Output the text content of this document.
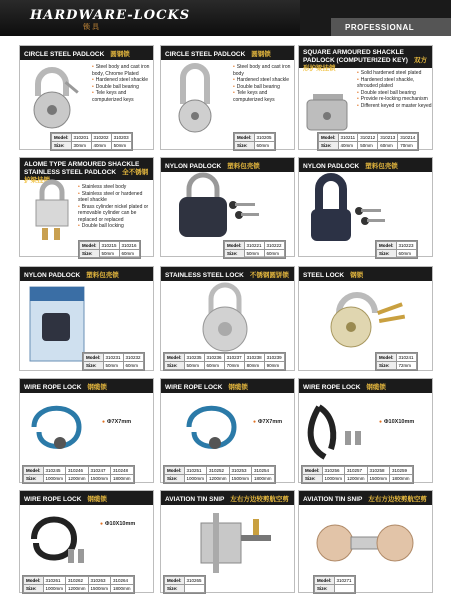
HARDWARE-LOCKS
锁 具	PROFESSIONAL
CIRCLE STEEL PADLOCK 圆钢锁
• Steel body and cast iron body, Chrome Plated
• Hardened steel shackle
• Double ball bearing
• Tele keys and computerized keys
Model:	310201	310202	310203
Size:	30mm	40mm	50mm
CIRCLE STEEL PADLOCK 圆钢锁
• Steel body and cast iron body
• Hardened steel shackle
• Double ball bearing
• Tele keys and computerized keys
Model:	310205
Size:	60mm
SQUARE ARMOURED SHACKLE PADLOCK (COMPUTERIZED KEY) 双方形护梁挂锁
• Solid hardened steel plated
• Hardened steel shackle, shrouded plated
• Double steel ball bearing
• Provide re-locking mechanism
• Different keyed or master keyed
Model:	310211	310212	310213	310214
Size:	40mm	50mm	60mm	70mm
ALOME TYPE ARMOURED SHACKLE STAINLESS STEEL PADLOCK 全不锈钢护梁挂锁
• Stainless steel body
• Stainless steel or hardened steel shackle
• Brass cylinder nickel plated or removable cylinder can be replaced or replaced
• Double ball locking
Model:	310215	310216
Size:	50mm	60mm
NYLON PADLOCK 塑料包壳锁
Model:	310221	310222
Size:	50mm	60mm
NYLON PADLOCK 塑料包壳锁
Model:	310223
Size:	60mm
NYLON PADLOCK 塑料包壳锁
Model:	310231	310232
Size:	50mm	60mm
STAINLESS STEEL LOCK 不锈钢圆饼锁
Model:	310235	310236	310237	310238	310239
Size:	50mm	60mm	70mm	80mm	90mm
STEEL LOCK 钢锁
Model:	310241
Size:	72mm
WIRE ROPE LOCK 钢缆锁
● Φ7X7mm
Model:	310245	310246	310247	310248
Size:	1000mm	1200mm	1500mm	1800mm
WIRE ROPE LOCK 钢缆锁
● Φ7X7mm
Model:	310251	310252	310253	310254
Size:	1000mm	1200mm	1500mm	1800mm
WIRE ROPE LOCK 钢缆锁
● Φ10X10mm
Model:	310256	310257	310258	310259
Size:	1000mm	1200mm	1500mm	1800mm
WIRE ROPE LOCK 钢缆锁
● Φ10X10mm
Model:	310261	310262	310263	310264
Size:	1000mm	1200mm	1500mm	1800mm
AVIATION TIN SNIP 左右方边较剪航空剪
Model:	310265
Size:	
AVIATION TIN SNIP 左右方边较剪航空剪
Model:	310271
Size:	
